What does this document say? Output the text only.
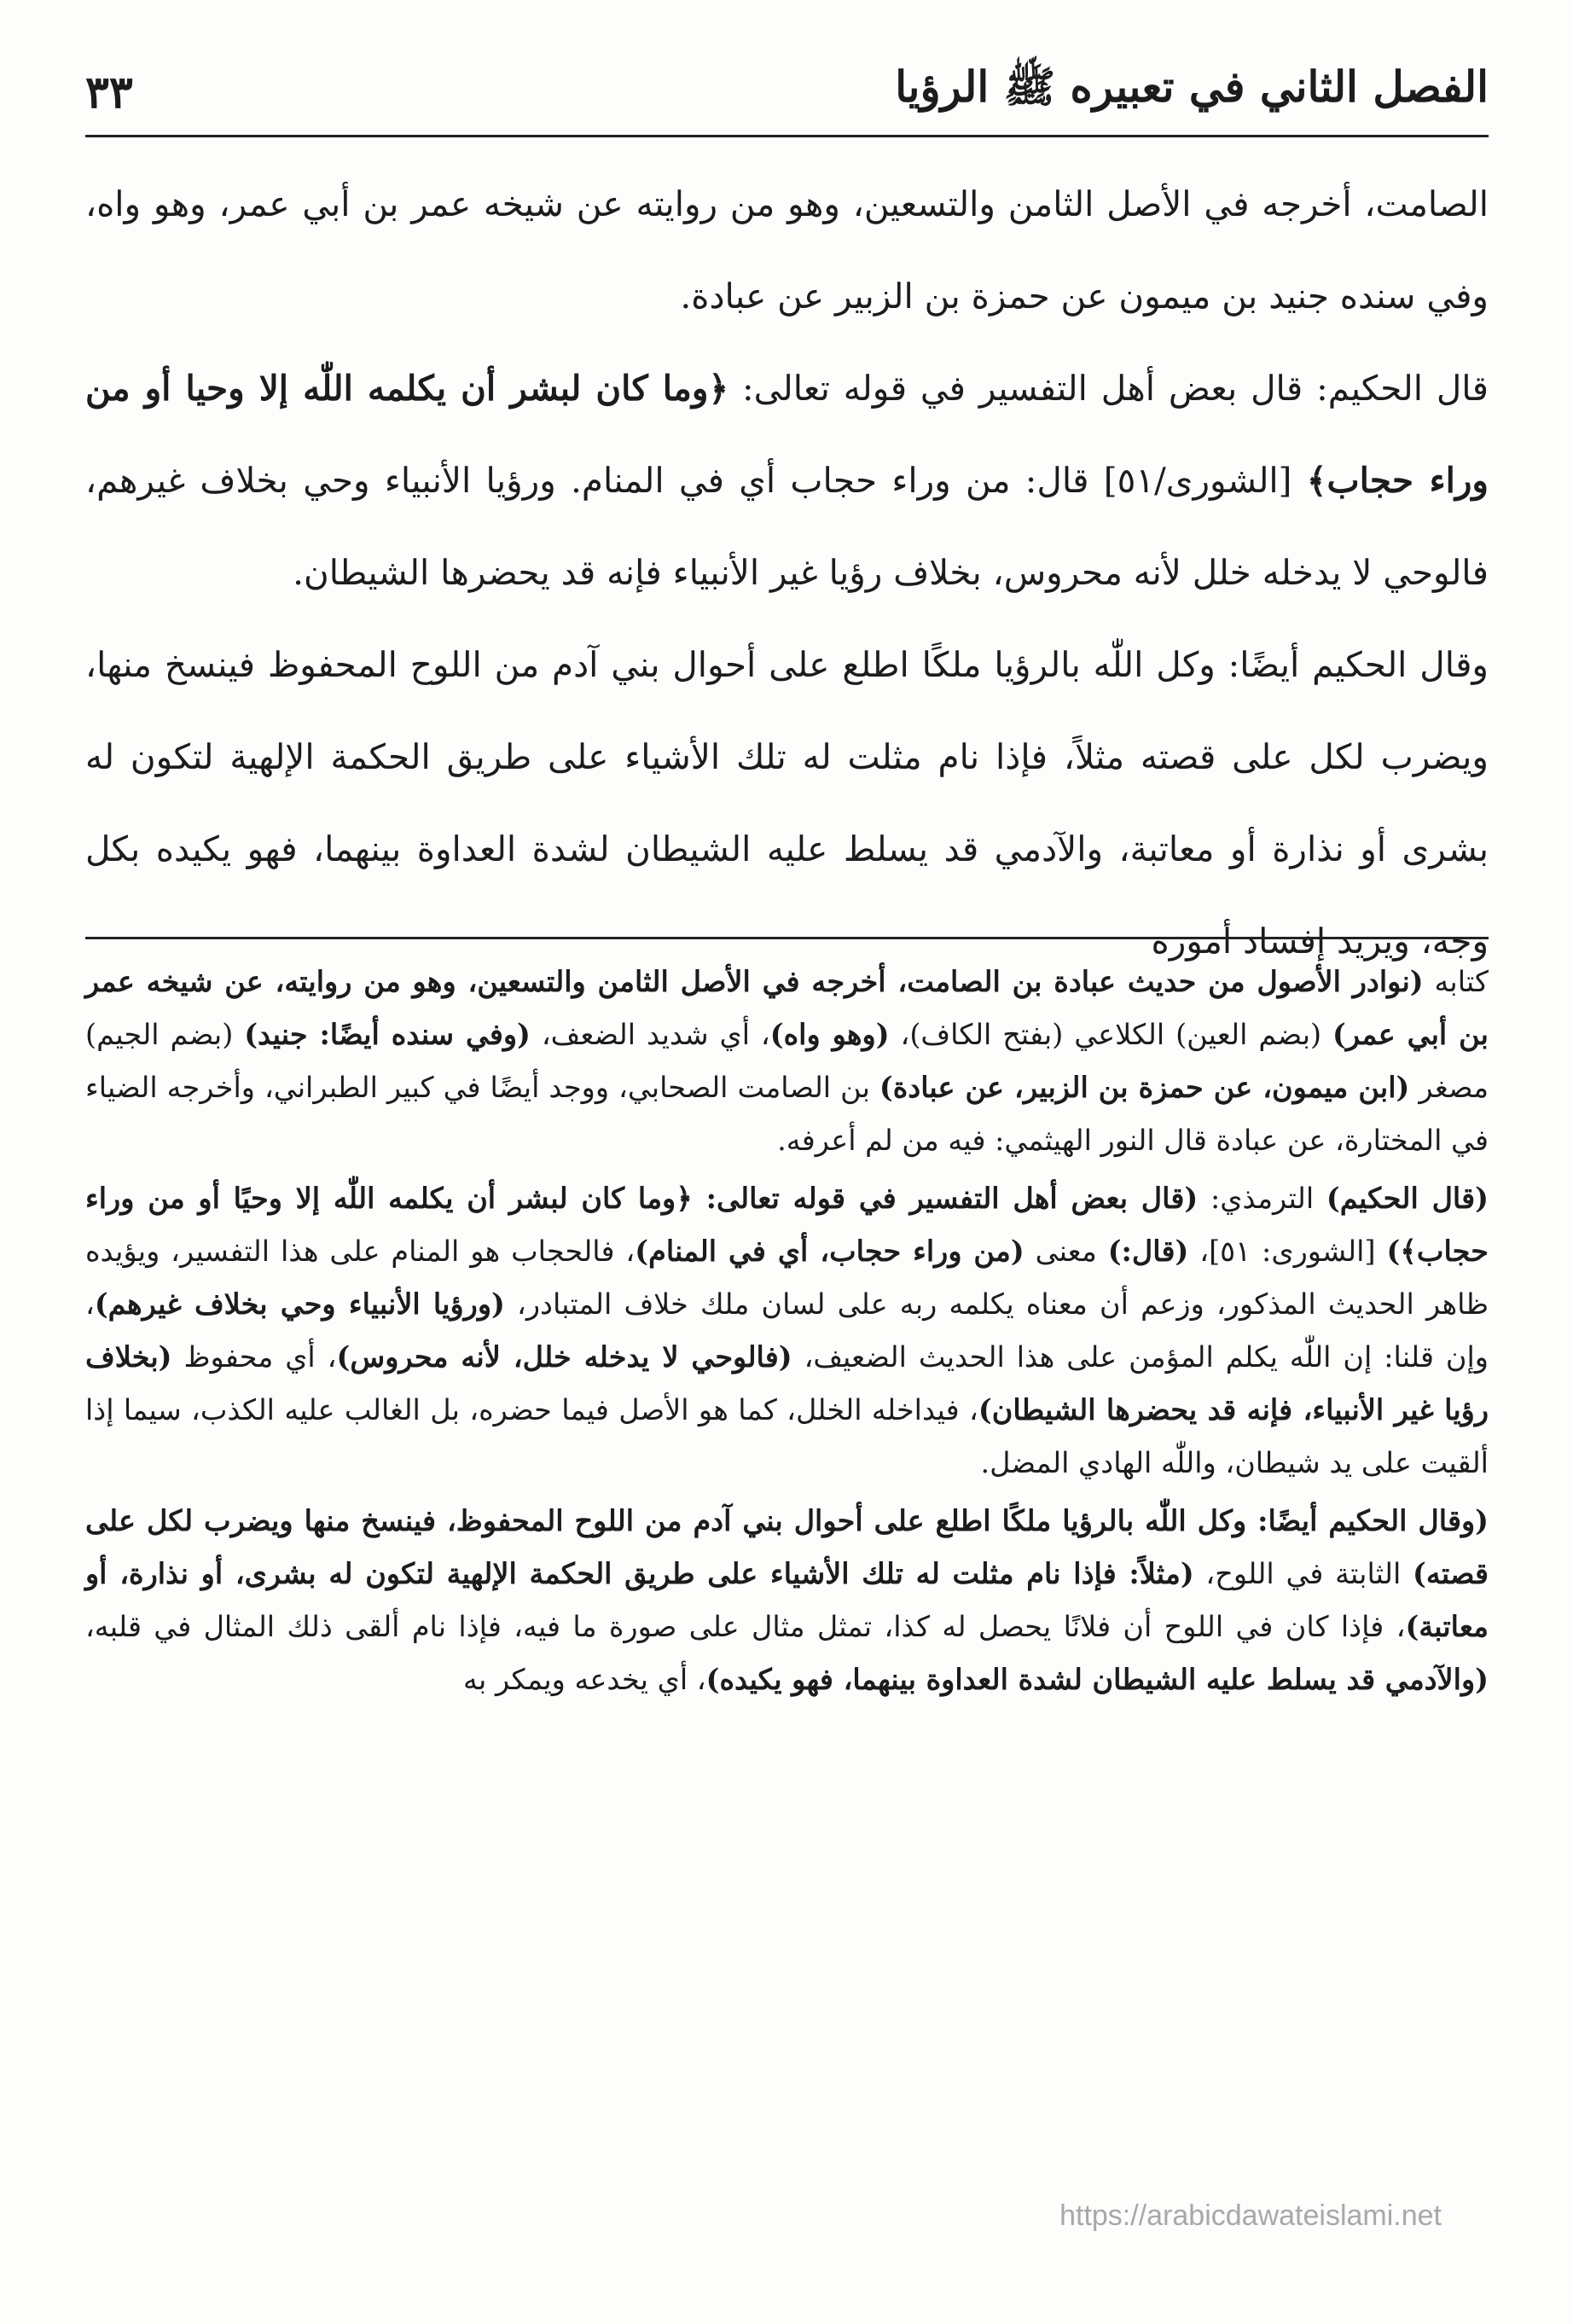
الفصل الثاني في تعبيره ﷺ الرؤيا
٣٣

الصامت، أخرجه في الأصل الثامن والتسعين، وهو من روايته عن شيخه عمر بن أبي عمر، وهو واه، وفي سنده جنيد بن ميمون عن حمزة بن الزبير عن عبادة.

قال الحكيم: قال بعض أهل التفسير في قوله تعالى: ﴿وما كان لبشر أن يكلمه اللّٰه إلا وحيا أو من وراء حجاب﴾ [الشورى/٥١] قال: من وراء حجاب أي في المنام. ورؤيا الأنبياء وحي بخلاف غيرهم، فالوحي لا يدخله خلل لأنه محروس، بخلاف رؤيا غير الأنبياء فإنه قد يحضرها الشيطان.

وقال الحكيم أيضًا: وكل اللّٰه بالرؤيا ملكًا اطلع على أحوال بني آدم من اللوح المحفوظ فينسخ منها، ويضرب لكل على قصته مثلاً، فإذا نام مثلت له تلك الأشياء على طريق الحكمة الإلهية لتكون له بشرى أو نذارة أو معاتبة، والآدمي قد يسلط عليه الشيطان لشدة العداوة بينهما، فهو يكيده بكل وجه، ويريد إفساد أموره

كتابه (نوادر الأصول من حديث عبادة بن الصامت، أخرجه في الأصل الثامن والتسعين، وهو من روايته، عن شيخه عمر بن أبي عمر) (بضم العين) الكلاعي (بفتح الكاف)، (وهو واه)، أي شديد الضعف، (وفي سنده أيضًا: جنيد) (بضم الجيم) مصغر (ابن ميمون، عن حمزة بن الزبير، عن عبادة) بن الصامت الصحابي، ووجد أيضًا في كبير الطبراني، وأخرجه الضياء في المختارة، عن عبادة قال النور الهيثمي: فيه من لم أعرفه.

(قال الحكيم) الترمذي: (قال بعض أهل التفسير في قوله تعالى: ﴿وما كان لبشر أن يكلمه اللّٰه إلا وحيًا أو من وراء حجاب﴾) [الشورى: ٥١]، (قال:) معنى (من وراء حجاب، أي في المنام)، فالحجاب هو المنام على هذا التفسير، ويؤيده ظاهر الحديث المذكور، وزعم أن معناه يكلمه ربه على لسان ملك خلاف المتبادر، (ورؤيا الأنبياء وحي بخلاف غيرهم)، وإن قلنا: إن اللّٰه يكلم المؤمن على هذا الحديث الضعيف، (فالوحي لا يدخله خلل، لأنه محروس)، أي محفوظ (بخلاف رؤيا غير الأنبياء، فإنه قد يحضرها الشيطان)، فيداخله الخلل، كما هو الأصل فيما حضره، بل الغالب عليه الكذب، سيما إذا ألقيت على يد شيطان، واللّٰه الهادي المضل.

(وقال الحكيم أيضًا: وكل اللّٰه بالرؤيا ملكًا اطلع على أحوال بني آدم من اللوح المحفوظ، فينسخ منها ويضرب لكل على قصته) الثابتة في اللوح، (مثلاً: فإذا نام مثلت له تلك الأشياء على طريق الحكمة الإلهية لتكون له بشرى، أو نذارة، أو معاتبة)، فإذا كان في اللوح أن فلانًا يحصل له كذا، تمثل مثال على صورة ما فيه، فإذا نام ألقى ذلك المثال في قلبه، (والآدمي قد يسلط عليه الشيطان لشدة العداوة بينهما، فهو يكيده)، أي يخدعه ويمكر به

https://arabicdawateislami.net
